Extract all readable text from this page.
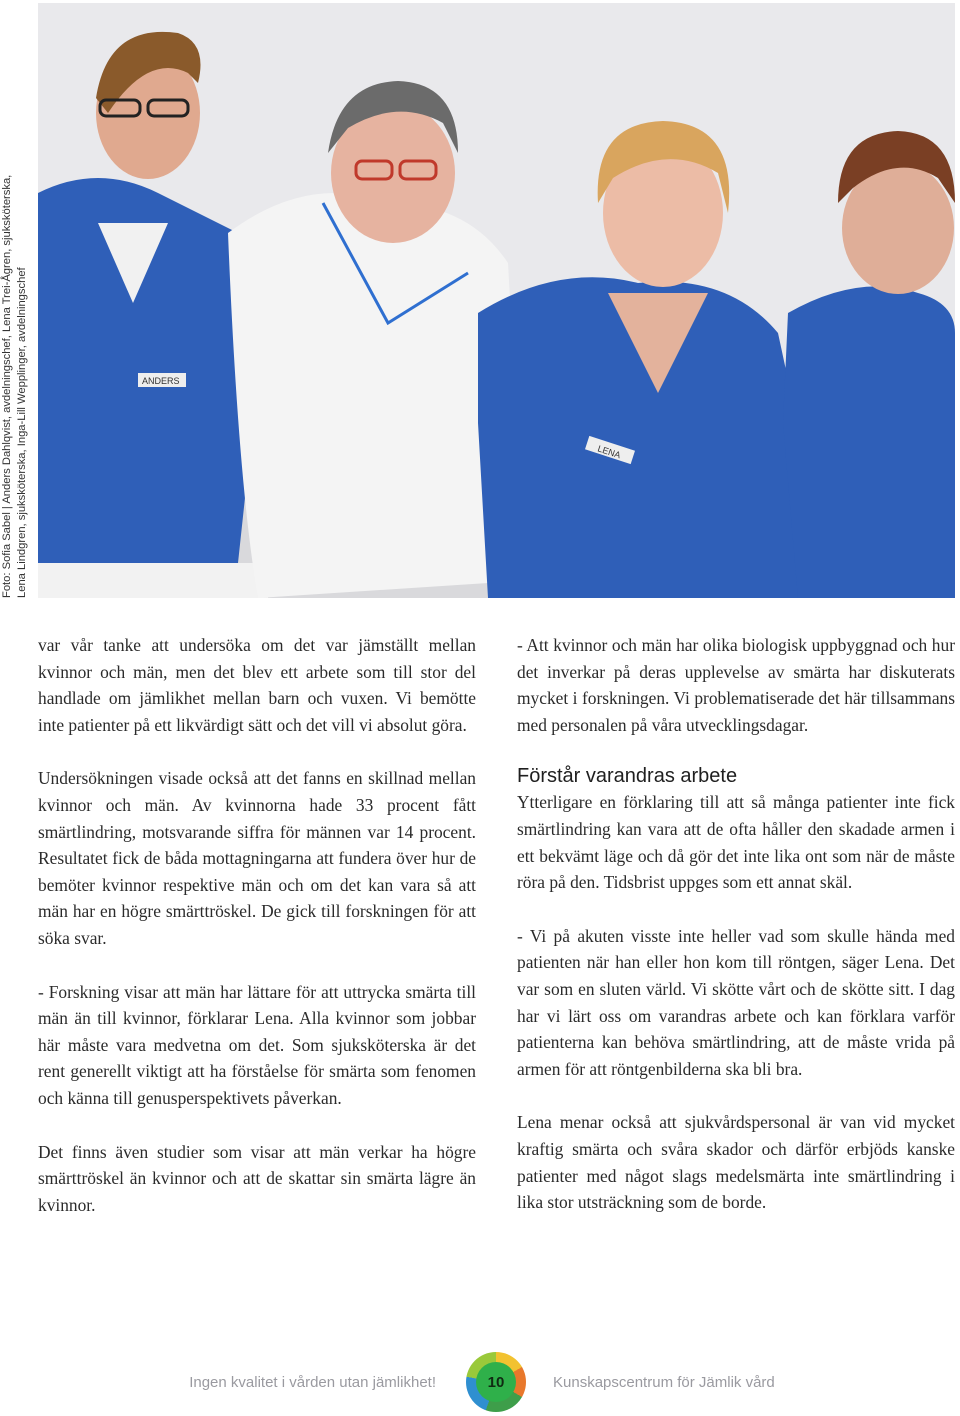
Foto: Sofia Sabel | Anders Dahlqvist, avdelningschef, Lena Trei-Ågren, sjuksköterska, Lena Lindgren, sjuksköterska, Inga-Lill Wepplinger, avdelningschef	ANDERS
LENA

var vår tanke att undersöka om det var jämställt mellan kvinnor och män, men det blev ett arbete som till stor del handlade om jämlikhet mellan barn och vuxen. Vi bemötte inte patienter på ett likvärdigt sätt och det vill vi absolut göra.

Undersökningen visade också att det fanns en skillnad mellan kvinnor och män. Av kvinnorna hade 33 procent fått smärtlindring, motsvarande siffra för männen var 14 procent. Resultatet fick de båda mottagningarna att fundera över hur de bemöter kvinnor respektive män och om det kan vara så att män har en högre smärttröskel. De gick till forskningen för att söka svar.

- Forskning visar att män har lättare för att uttrycka smärta till män än till kvinnor, förklarar Lena. Alla kvinnor som jobbar här måste vara medvetna om det. Som sjuksköterska är det rent generellt viktigt att ha förståelse för smärta som fenomen och känna till genusperspektivets påverkan.

Det finns även studier som visar att män verkar ha högre smärttröskel än kvinnor och att de skattar sin smärta lägre än kvinnor.

- Att kvinnor och män har olika biologisk uppbyggnad och hur det inverkar på deras upplevelse av smärta har diskuterats mycket i forskningen. Vi problematiserade det här tillsammans med personalen på våra utvecklingsdagar.

Förstår varandras arbete

Ytterligare en förklaring till att så många patienter inte fick smärtlindring kan vara att de ofta håller den skadade armen i ett bekvämt läge och då gör det inte lika ont som när de måste röra på den. Tidsbrist uppges som ett annat skäl.

- Vi på akuten visste inte heller vad som skulle hända med patienten när han eller hon kom till röntgen, säger Lena. Det var som en sluten värld. Vi skötte vårt och de skötte sitt. I dag har vi lärt oss om varandras arbete och kan förklara varför patienterna kan behöva smärtlindring, att de måste vrida på armen för att röntgenbilderna ska bli bra.

Lena menar också att sjukvårdspersonal är van vid mycket kraftig smärta och svåra skador och därför erbjöds kanske patienter med något slags medelsmärta inte smärtlindring i lika stor utsträckning som de borde.

Ingen kvalitet i vården utan jämlikhet!	10	Kunskapscentrum för Jämlik vård
